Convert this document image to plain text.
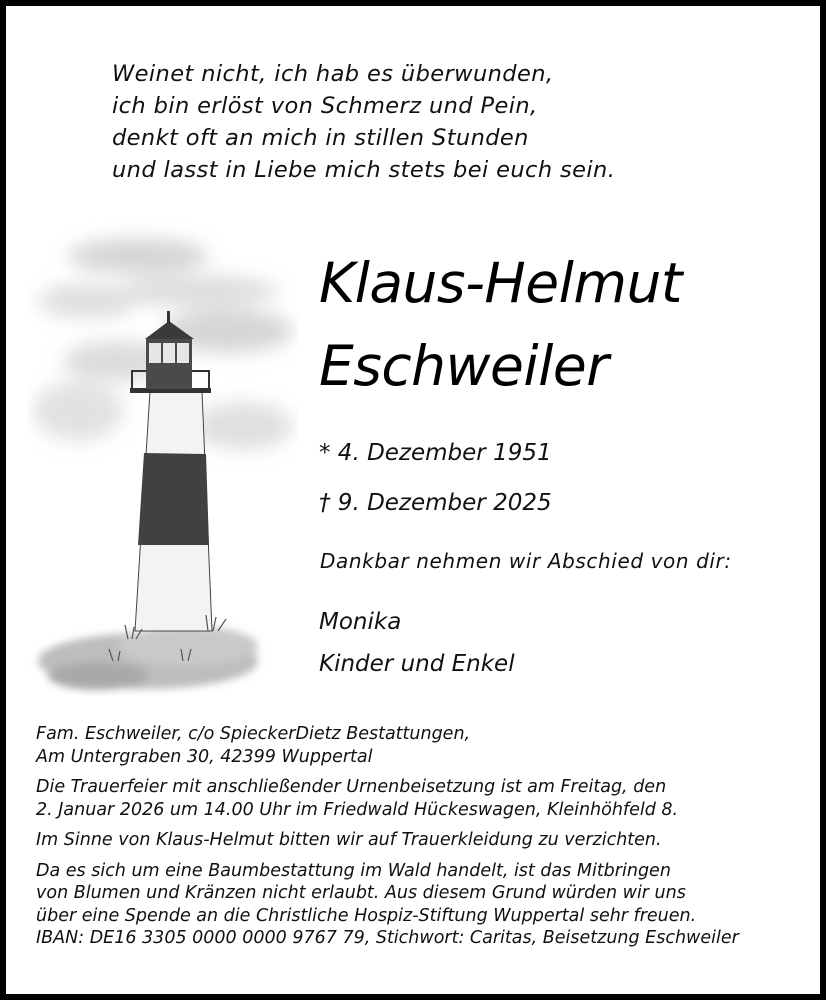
Weinet nicht, ich hab es überwunden,
ich bin erlöst von Schmerz und Pein,
denkt oft an mich in stillen Stunden
und lasst in Liebe mich stets bei euch sein.
Klaus-Helmut
Eschweiler
* 4. Dezember 1951
† 9. Dezember 2025
Dankbar nehmen wir Abschied von dir:
Monika
Kinder und Enkel
Fam. Eschweiler, c/o SpieckerDietz Bestattungen,
Am Untergraben 30, 42399 Wuppertal
Die Trauerfeier mit anschließender Urnenbeisetzung ist am Freitag, den
2. Januar 2026 um 14.00 Uhr im Friedwald Hückeswagen, Kleinhöhfeld 8.
Im Sinne von Klaus-Helmut bitten wir auf Trauerkleidung zu verzichten.
Da es sich um eine Baumbestattung im Wald handelt, ist das Mitbringen
von Blumen und Kränzen nicht erlaubt. Aus diesem Grund würden wir uns
über eine Spende an die Christliche Hospiz-Stiftung Wuppertal sehr freuen.
IBAN: DE16 3305 0000 0000 9767 79, Stichwort: Caritas, Beisetzung Eschweiler
